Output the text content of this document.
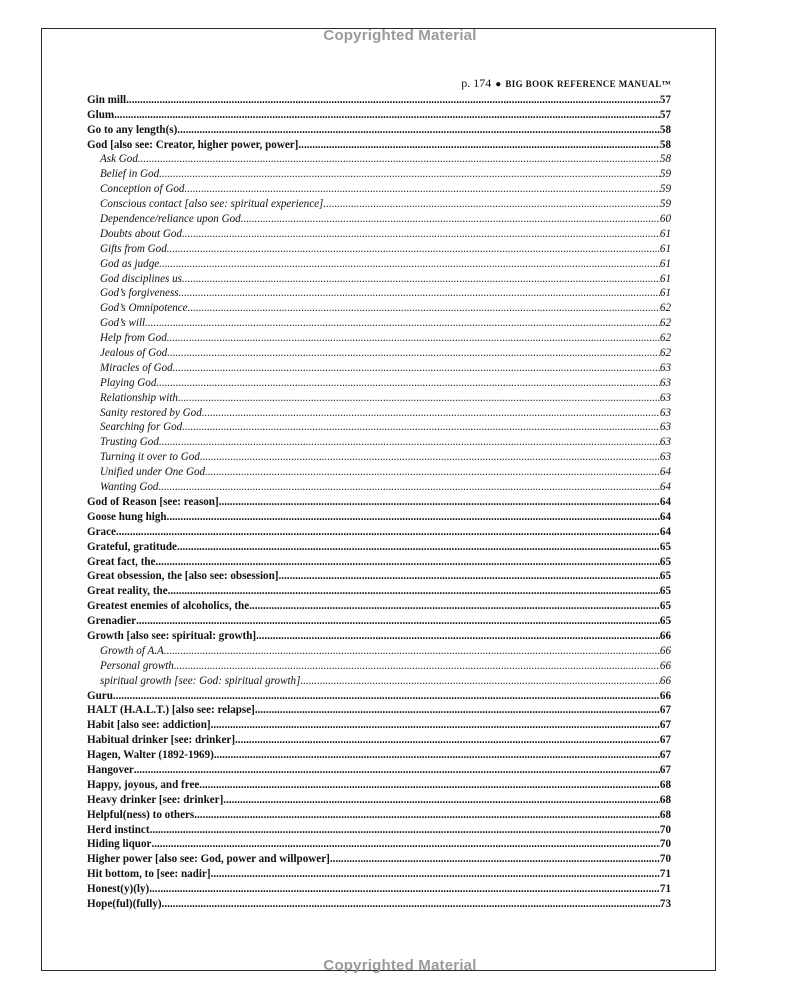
Copyrighted Material
p. 174 ● BIG BOOK REFERENCE MANUAL™
Gin mill .....	57
Glum .....	57
Go to any length(s) .....	58
God [also see: Creator, higher power, power] .....	58
Ask God .....	58
Belief in God .....	59
Conception of God .....	59
Conscious contact [also see: spiritual experience] .....	59
Dependence/reliance upon God .....	60
Doubts about God .....	61
Gifts from God .....	61
God as judge .....	61
God disciplines us .....	61
God’s forgiveness .....	61
God’s Omnipotence .....	62
God’s will .....	62
Help from God .....	62
Jealous of God .....	62
Miracles of God .....	63
Playing God .....	63
Relationship with .....	63
Sanity restored by God .....	63
Searching for God .....	63
Trusting God .....	63
Turning it over to God .....	63
Unified under One God .....	64
Wanting God .....	64
God of Reason [see: reason] .....	64
Goose hung high .....	64
Grace .....	64
Grateful, gratitude .....	65
Great fact, the .....	65
Great obsession, the [also see: obsession] .....	65
Great reality, the .....	65
Greatest enemies of alcoholics, the .....	65
Grenadier .....	65
Growth [also see: spiritual: growth] .....	66
Growth of A.A. .....	66
Personal growth .....	66
spiritual growth [see: God: spiritual growth] .....	66
Guru .....	66
HALT (H.A.L.T.) [also see: relapse] .....	67
Habit [also see: addiction] .....	67
Habitual drinker [see: drinker] .....	67
Hagen, Walter (1892-1969) .....	67
Hangover .....	67
Happy, joyous, and free .....	68
Heavy drinker [see: drinker] .....	68
Helpful(ness) to others .....	68
Herd instinct .....	70
Hiding liquor .....	70
Higher power [also see: God, power and willpower] .....	70
Hit bottom, to [see: nadir] .....	71
Honest(y)(ly) .....	71
Hope(ful)(fully) .....	73
Copyrighted Material
